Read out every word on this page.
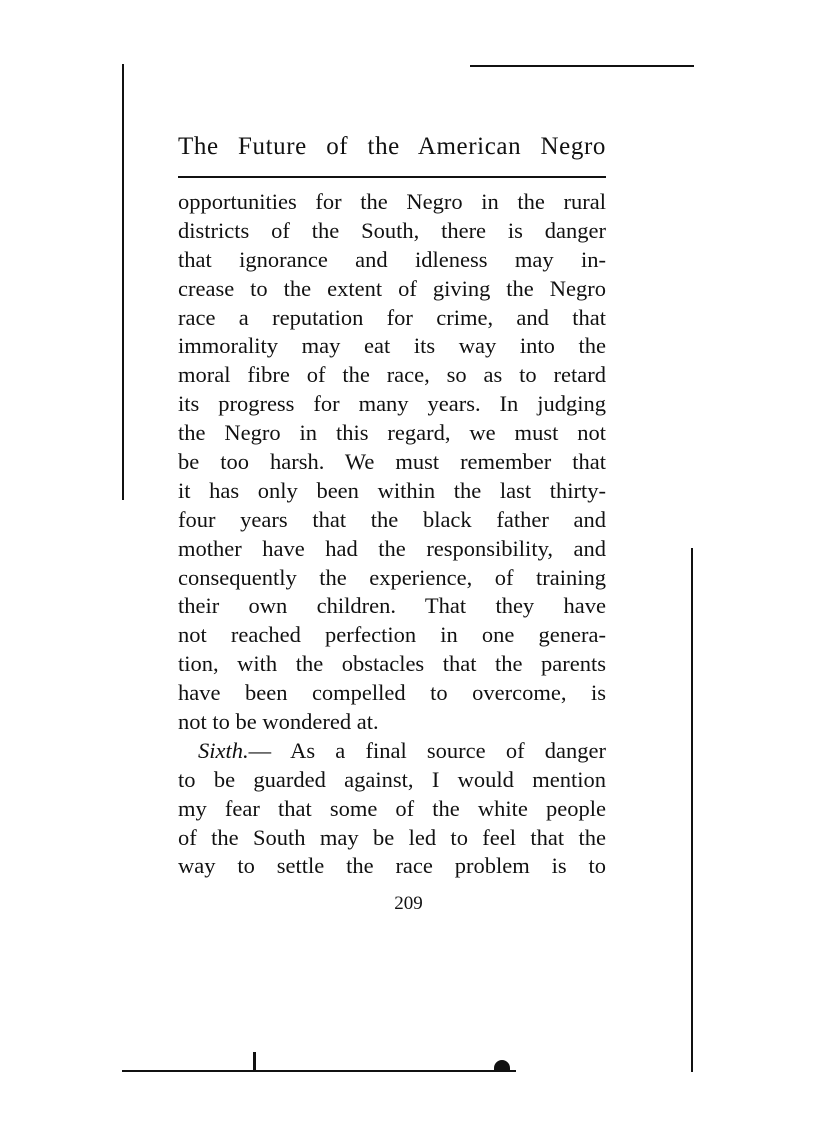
The Future of the American Negro
opportunities for the Negro in the rural
districts of the South, there is danger
that ignorance and idleness may in-
crease to the extent of giving the Negro
race a reputation for crime, and that
immorality may eat its way into the
moral fibre of the race, so as to retard
its progress for many years. In judging
the Negro in this regard, we must not
be too harsh. We must remember that
it has only been within the last thirty-
four years that the black father and
mother have had the responsibility, and
consequently the experience, of training
their own children. That they have
not reached perfection in one genera-
tion, with the obstacles that the parents
have been compelled to overcome, is
not to be wondered at.
Sixth.— As a final source of danger
to be guarded against, I would mention
my fear that some of the white people
of the South may be led to feel that the
way to settle the race problem is to
209
